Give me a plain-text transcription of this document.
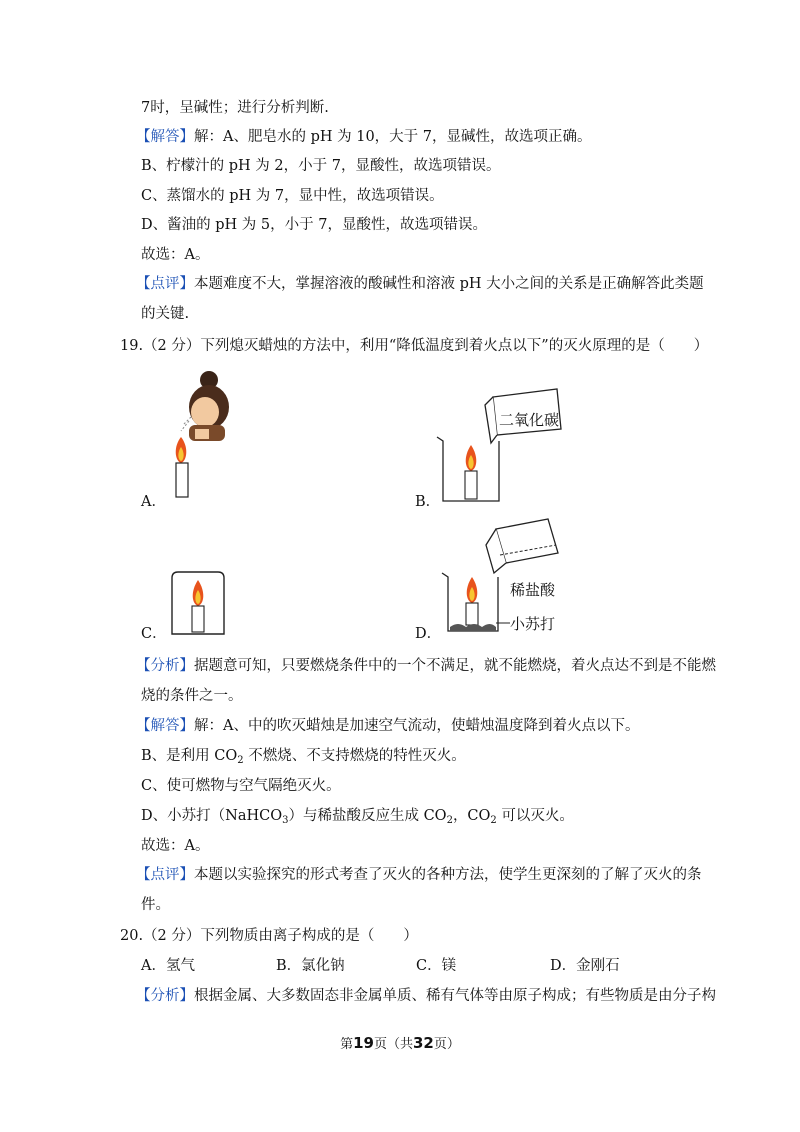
7时，呈碱性；进行分析判断.
【解答】解：A、肥皂水的 pH 为 10，大于 7，显碱性，故选项正确。
B、柠檬汁的 pH 为 2，小于 7，显酸性，故选项错误。
C、蒸馏水的 pH 为 7，显中性，故选项错误。
D、酱油的 pH 为 5，小于 7，显酸性，故选项错误。
故选：A。
【点评】本题难度不大，掌握溶液的酸碱性和溶液 pH 大小之间的关系是正确解答此类题
的关键.
19.（2 分）下列熄灭蜡烛的方法中，利用“降低温度到着火点以下”的灭火原理的是（　　）
A．	B．
二氧化碳
C．	D．
稀盐酸
小苏打
【分析】据题意可知，只要燃烧条件中的一个不满足，就不能燃烧，着火点达不到是不能燃
烧的条件之一。
【解答】解：A、中的吹灭蜡烛是加速空气流动，使蜡烛温度降到着火点以下。
B、是利用 $CO_2$ 不燃烧、不支持燃烧的特性灭火。
C、使可燃物与空气隔绝灭火。
D、小苏打（NaHCO$_3$）与稀盐酸反应生成 $CO_2$，$CO_2$ 可以灭火。
故选：A。
【点评】本题以实验探究的形式考查了灭火的各种方法，使学生更深刻的了解了灭火的条
件。
20.（2 分）下列物质由离子构成的是（　　）
A．氢气	B．氯化钠	C．镁	D．金刚石
【分析】根据金属、大多数固态非金属单质、稀有气体等由原子构成；有些物质是由分子构
第19页（共32页）
